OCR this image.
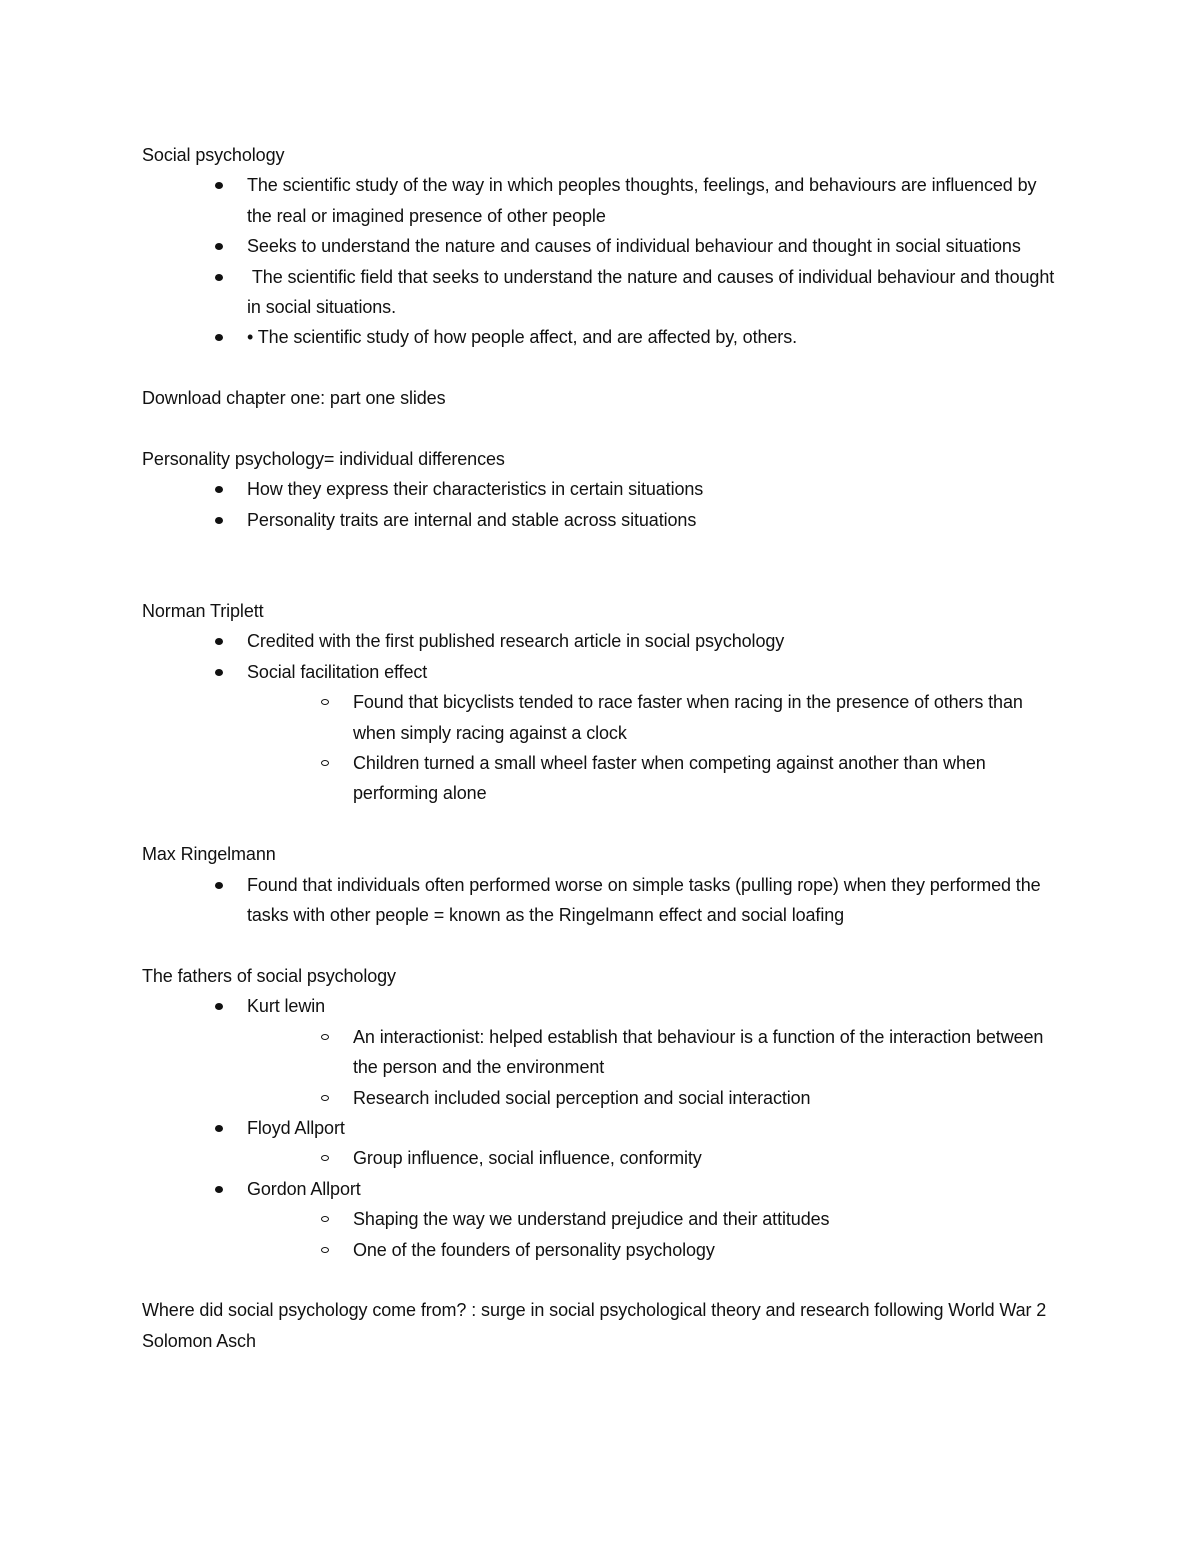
Social psychology

The scientific study of the way in which peoples thoughts, feelings, and behaviours are influenced by the real or imagined presence of other people
Seeks to understand the nature and causes of individual behaviour and thought in social situations
The scientific field that seeks to understand the nature and causes of individual behaviour and thought in social situations.
• The scientific study of how people affect, and are affected by, others.

Download chapter one: part one slides

Personality psychology= individual differences

How they express their characteristics in certain situations
Personality traits are internal and stable across situations

Norman Triplett

Credited with the first published research article in social psychology
Social facilitation effect
Found that bicyclists tended to race faster when racing in the presence of others than when simply racing against a clock
Children turned a small wheel faster when competing against another than when performing alone

Max Ringelmann

Found that individuals often performed worse on simple tasks (pulling rope) when they performed the tasks with other people = known as the Ringelmann effect and social loafing

The fathers of social psychology

Kurt lewin
An interactionist: helped establish that behaviour is a function of the interaction between the person and the environment
Research included social perception and social interaction
Floyd Allport
Group influence, social influence, conformity
Gordon Allport
Shaping the way we understand prejudice and their attitudes
One of the founders of personality psychology

Where did social psychology come from? : surge in social psychological theory and research following World War 2

Solomon Asch
